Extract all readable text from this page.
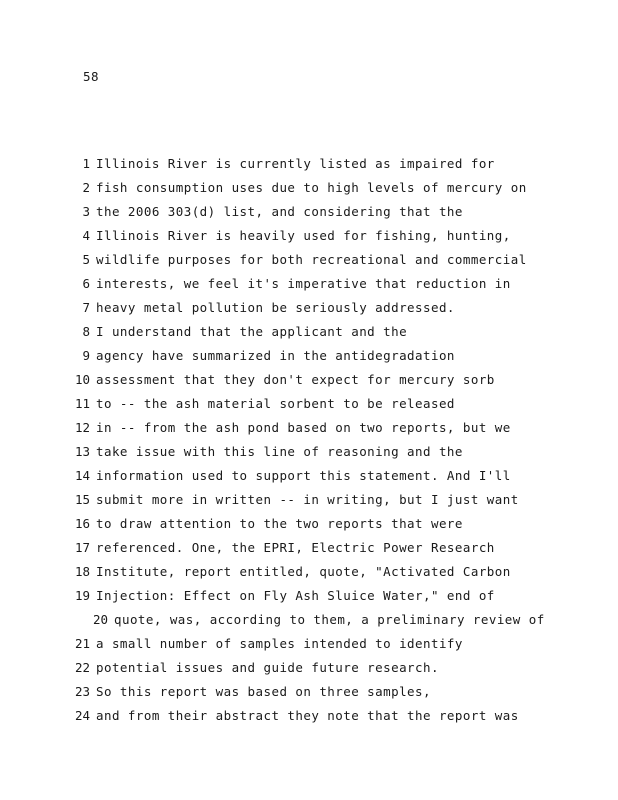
58
1 Illinois River is currently listed as impaired for
2 fish consumption uses due to high levels of mercury on
3 the 2006 303(d) list, and considering that the
4 Illinois River is heavily used for fishing, hunting,
5 wildlife purposes for both recreational and commercial
6 interests, we feel it's imperative that reduction in
7 heavy metal pollution be seriously addressed.
8 I understand that the applicant and the
9 agency have summarized in the antidegradation
10 assessment that they don't expect for mercury sorb
11 to -- the ash material sorbent to be released
12 in -- from the ash pond based on two reports, but we
13 take issue with this line of reasoning and the
14 information used to support this statement. And I'll
15 submit more in written -- in writing, but I just want
16 to draw attention to the two reports that were
17 referenced. One, the EPRI, Electric Power Research
18 Institute, report entitled, quote, "Activated Carbon
19 Injection: Effect on Fly Ash Sluice Water," end of
20 quote, was, according to them, a preliminary review of
21 a small number of samples intended to identify
22 potential issues and guide future research.
23 So this report was based on three samples,
24 and from their abstract they note that the report was
